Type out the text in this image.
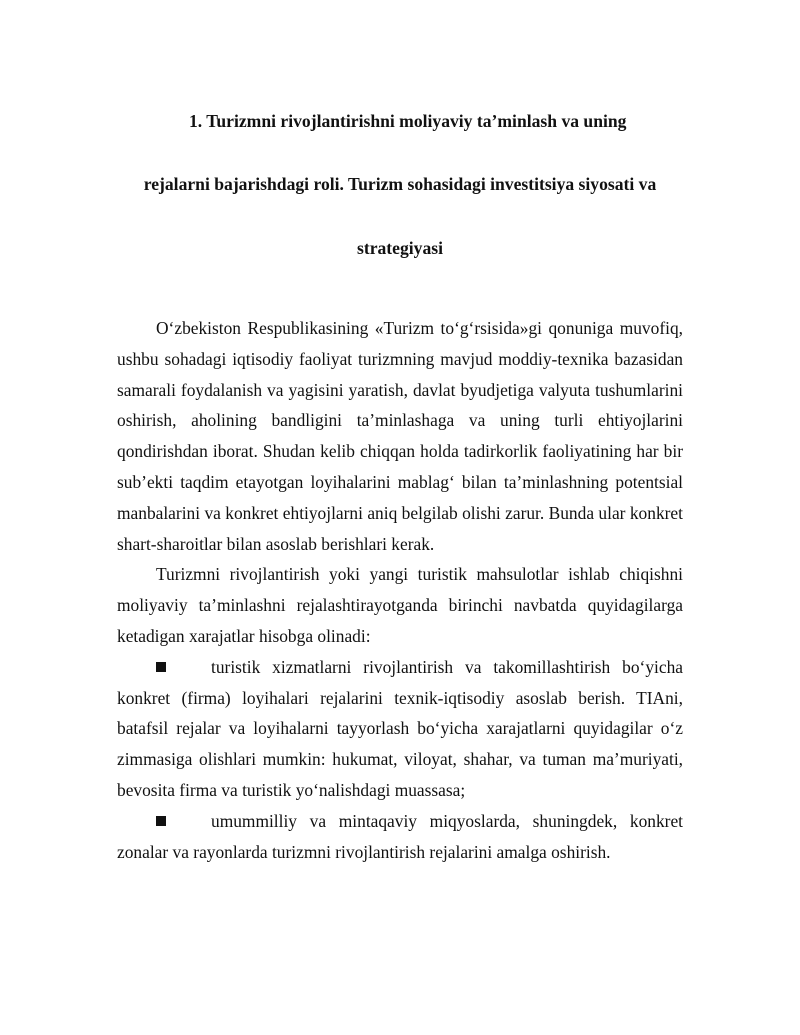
1. Turizmni rivojlantirishni moliyaviy ta’minlash va uning
rejalarni bajarishdagi roli. Turizm sohasidagi investitsiya siyosati va
strategiyasi

O‘zbekiston Respublikasining «Turizm to‘g‘rsisida»gi qonuniga muvofiq, ushbu sohadagi iqtisodiy faoliyat turizmning mavjud moddiy-texnika bazasidan samarali foydalanish va yagisini yaratish, davlat byudjetiga valyuta tushumlarini oshirish, aholining bandligini ta’minlashaga va uning turli ehtiyojlarini qondirishdan iborat. Shudan kelib chiqqan holda tadirkorlik faoliyatining har bir sub’ekti taqdim etayotgan loyihalarini mablag‘ bilan ta’minlashning potentsial manbalarini va konkret ehtiyojlarni aniq belgilab olishi zarur. Bunda ular konkret shart-sharoitlar bilan asoslab berishlari kerak.

Turizmni rivojlantirish yoki yangi turistik mahsulotlar ishlab chiqishni moliyaviy ta’minlashni rejalashtirayotganda birinchi navbatda quyidagilarga ketadigan xarajatlar hisobga olinadi:

turistik xizmatlarni rivojlantirish va takomillashtirish bo‘yicha konkret (firma) loyihalari rejalarini texnik-iqtisodiy asoslab berish. TIAni, batafsil rejalar va loyihalarni tayyorlash bo‘yicha xarajatlarni quyidagilar o‘z zimmasiga olishlari mumkin: hukumat, viloyat, shahar, va tuman ma’muriyati, bevosita firma va turistik yo‘nalishdagi muassasa;

umummilliy va mintaqaviy miqyoslarda, shuningdek, konkret zonalar va rayonlarda turizmni rivojlantirish rejalarini amalga oshirish.
